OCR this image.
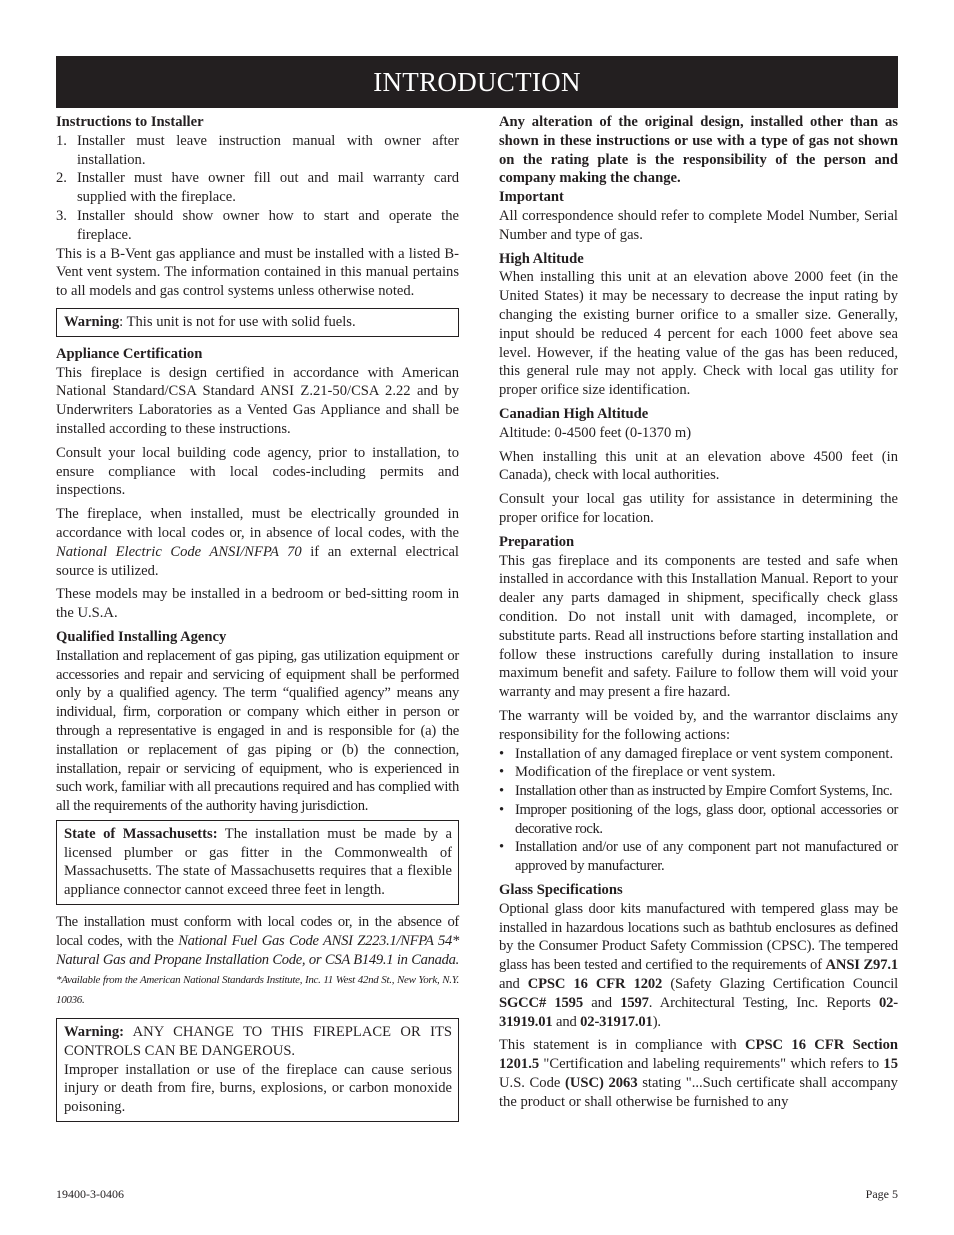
INTRODUCTION

Instructions to Installer

1. Installer must leave instruction manual with owner after installation.
2. Installer must have owner fill out and mail warranty card supplied with the fireplace.
3. Installer should show owner how to start and operate the fireplace.

This is a B-Vent gas appliance and must be installed with a listed B-Vent vent system. The information contained in this manual pertains to all models and gas control systems unless otherwise noted.

Warning: This unit is not for use with solid fuels.

Appliance Certification

This fireplace is design certified in accordance with American National Standard/CSA Standard ANSI Z.21-50/CSA 2.22 and by Underwriters Laboratories as a Vented Gas Appliance and shall be installed according to these instructions.

Consult your local building code agency, prior to installation, to ensure compliance with local codes-including permits and inspections.

The fireplace, when installed, must be electrically grounded in accordance with local codes or, in absence of local codes, with the National Electric Code ANSI/NFPA 70 if an external electrical source is utilized.

These models may be installed in a bedroom or bed-sitting room in the U.S.A.

Qualified Installing Agency

Installation and replacement of gas piping, gas utilization equipment or accessories and repair and servicing of equipment shall be performed only by a qualified agency. The term “qualified agency” means any individual, firm, corporation or company which either in person or through a representative is engaged in and is responsible for (a) the installation or replacement of gas piping or (b) the connection, installation, repair or servicing of equipment, who is experienced in such work, familiar with all precautions required and has complied with all the requirements of the authority having jurisdiction.

State of Massachusetts: The installation must be made by a licensed plumber or gas fitter in the Commonwealth of Massachusetts. The state of Massachusetts requires that a flexible appliance connector cannot exceed three feet in length.

The installation must conform with local codes or, in the absence of local codes, with the National Fuel Gas Code ANSI Z223.1/NFPA 54* Natural Gas and Propane Installation Code, or CSA B149.1 in Canada. *Available from the American National Standards Institute, Inc. 11 West 42nd St., New York, N.Y. 10036.

Warning: ANY CHANGE TO THIS FIREPLACE OR ITS CONTROLS CAN BE DANGEROUS.

Improper installation or use of the fireplace can cause serious injury or death from fire, burns, explosions, or carbon monoxide poisoning.

Any alteration of the original design, installed other than as shown in these instructions or use with a type of gas not shown on the rating plate is the responsibility of the person and company making the change.

Important

All correspondence should refer to complete Model Number, Serial Number and type of gas.

High Altitude

When installing this unit at an elevation above 2000 feet (in the United States) it may be necessary to decrease the input rating by changing the existing burner orifice to a smaller size. Generally, input should be reduced 4 percent for each 1000 feet above sea level. However, if the heating value of the gas has been reduced, this general rule may not apply. Check with local gas utility for proper orifice size identification.

Canadian High Altitude

Altitude: 0-4500 feet (0-1370 m)

When installing this unit at an elevation above 4500 feet (in Canada), check with local authorities.

Consult your local gas utility for assistance in determining the proper orifice for location.

Preparation

This gas fireplace and its components are tested and safe when installed in accordance with this Installation Manual. Report to your dealer any parts damaged in shipment, specifically check glass condition. Do not install unit with damaged, incomplete, or substitute parts. Read all instructions before starting installation and follow these instructions carefully during installation to insure maximum benefit and safety. Failure to follow them will void your warranty and may present a fire hazard.

The warranty will be voided by, and the warrantor disclaims any responsibility for the following actions:

• Installation of any damaged fireplace or vent system component.
• Modification of the fireplace or vent system.
• Installation other than as instructed by Empire Comfort Systems, Inc.
• Improper positioning of the logs, glass door, optional accessories or decorative rock.
• Installation and/or use of any component part not manufactured or approved by manufacturer.

Glass Specifications

Optional glass door kits manufactured with tempered glass may be installed in hazardous locations such as bathtub enclosures as defined by the Consumer Product Safety Commission (CPSC). The tempered glass has been tested and certified to the requirements of ANSI Z97.1 and CPSC 16 CFR 1202 (Safety Glazing Certification Council SGCC# 1595 and 1597. Architectural Testing, Inc. Reports 02-31919.01 and 02-31917.01).

This statement is in compliance with CPSC 16 CFR Section 1201.5 "Certification and labeling requirements" which refers to 15 U.S. Code (USC) 2063 stating "...Such certificate shall accompany the product or shall otherwise be furnished to any

19400-3-0406	Page 5
